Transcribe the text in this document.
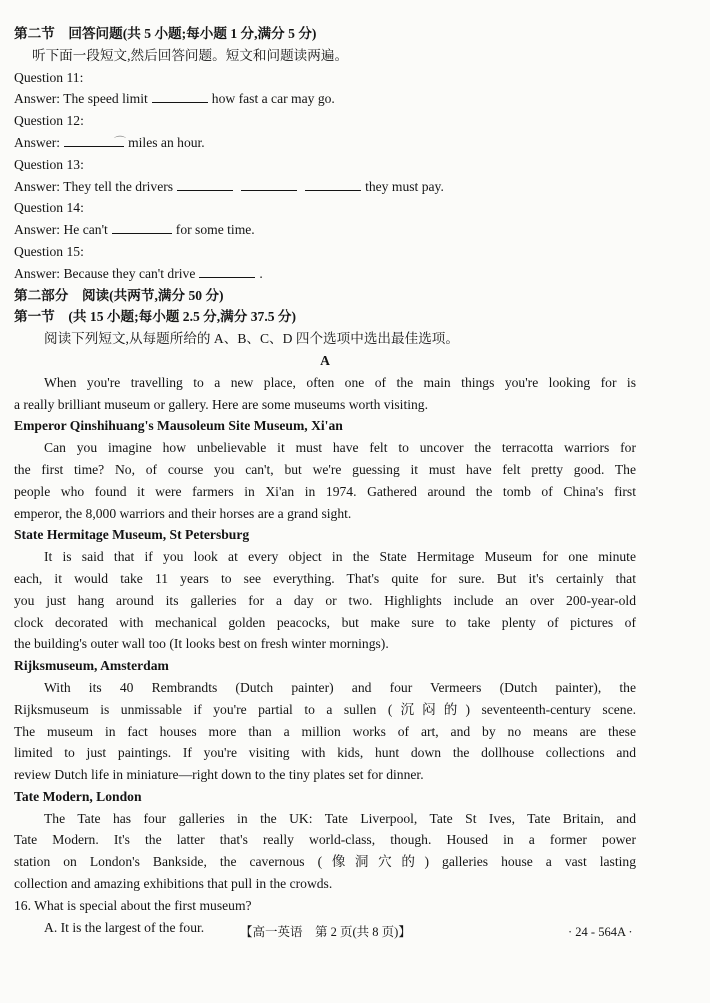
第二节　回答问题(共 5 小题;每小题 1 分,满分 5 分)
听下面一段短文,然后回答问题。短文和问题读两遍。
Question 11:
Answer: The speed limit	how fast a car may go.
Question 12:
Answer:	miles an hour.
⌒
Question 13:
Answer: They tell the drivers	they must pay.
Question 14:
Answer: He can't	for some time.
Question 15:
Answer: Because they can't drive	.
第二部分　阅读(共两节,满分 50 分)
第一节　(共 15 小题;每小题 2.5 分,满分 37.5 分)
阅读下列短文,从每题所给的 A、B、C、D 四个选项中选出最佳选项。
A
When you're travelling to a new place, often one of the main things you're looking for is
a really brilliant museum or gallery. Here are some museums worth visiting.
Emperor Qinshihuang's Mausoleum Site Museum, Xi'an
Can you imagine how unbelievable it must have felt to uncover the terracotta warriors for
the first time? No, of course you can't, but we're guessing it must have felt pretty good. The
people who found it were farmers in Xi'an in 1974. Gathered around the tomb of China's first
emperor, the 8,000 warriors and their horses are a grand sight.
State Hermitage Museum, St Petersburg
It is said that if you look at every object in the State Hermitage Museum for one minute
each, it would take 11 years to see everything. That's quite for sure. But it's certainly that
you just hang around its galleries for a day or two. Highlights include an over 200-year-old
clock decorated with mechanical golden peacocks, but make sure to take plenty of pictures of
the building's outer wall too (It looks best on fresh winter mornings).
Rijksmuseum, Amsterdam
With its 40 Rembrandts (Dutch painter) and four Vermeers (Dutch painter), the
Rijksmuseum is unmissable if you're partial to a sullen (沉闷的) seventeenth-century scene.
The museum in fact houses more than a million works of art, and by no means are these
limited to just paintings. If you're visiting with kids, hunt down the dollhouse collections and
review Dutch life in miniature—right down to the tiny plates set for dinner.
Tate Modern, London
The Tate has four galleries in the UK: Tate Liverpool, Tate St Ives, Tate Britain, and
Tate Modern. It's the latter that's really world-class, though. Housed in a former power
station on London's Bankside, the cavernous (像洞穴的) galleries house a vast lasting
collection and amazing exhibitions that pull in the crowds.
16. What is special about the first museum?
A. It is the largest of the four.	【高一英语　第 2 页(共 8 页)】	· 24 - 564A ·
